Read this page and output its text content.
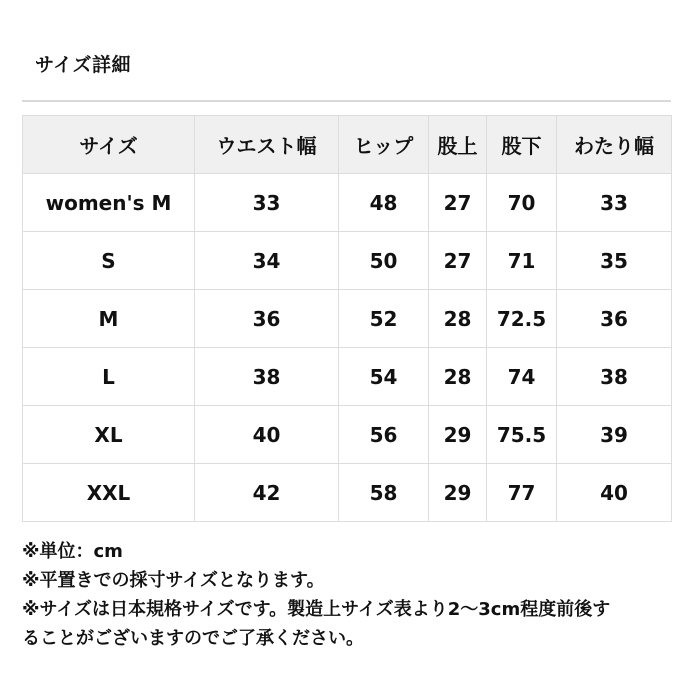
サイズ詳細
サイズ	ウエスト幅	ヒップ	股上	股下	わたり幅
women's M	33	48	27	70	33
S	34	50	27	71	35
M	36	52	28	72.5	36
L	38	54	28	74	38
XL	40	56	29	75.5	39
XXL	42	58	29	77	40

※単位：cm

※平置きでの採寸サイズとなります。

※サイズは日本規格サイズです。製造上サイズ表より2〜3cm程度前後す

ることがございますのでご了承ください。
